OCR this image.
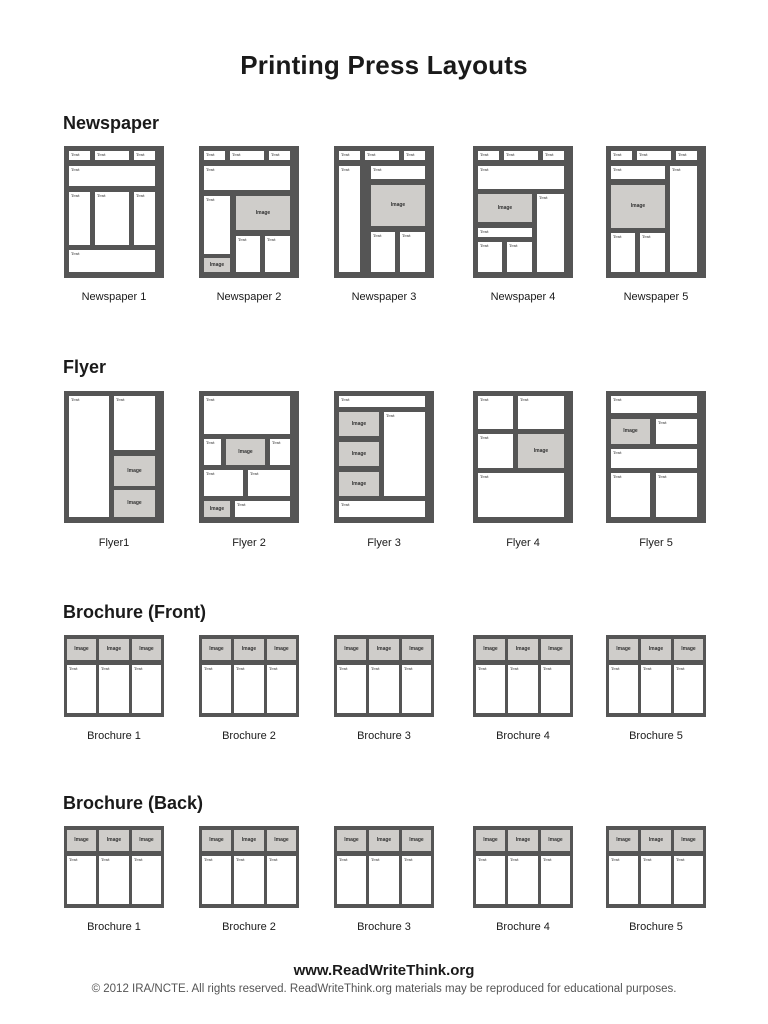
Printing Press Layouts
Newspaper
Flyer
Brochure (Front)
Brochure (Back)
Text	Text	Text
Text
Text	Text	Text
Text
Newspaper 1
Text	Text	Text
Text
Text
Image
Image
Text	Text
Newspaper 2
Text	Text	Text
Text	Text
Image
Text	Text
Newspaper 3
Text	Text	Text
Text
Image
Text
Text
Text	Text
Newspaper 4
Text	Text	Text
Text	Text
Image
Text	Text
Newspaper 5
Text	Text
Image
Image
Flyer1
Text
Text
Image
Text
Text	Text
Image
Text
Flyer 2
Text
Image
Image
Image
Text
Text
Flyer 3
Text	Text
Text
Image
Text
Flyer 4
Text
Image
Text
Text
Text	Text
Flyer 5
Image	Image	Image
Text	Text	Text
Brochure 1
Image	Image	Image
Text	Text	Text
Brochure 2
Image	Image	Image
Text	Text	Text
Brochure 3
Image	Image	Image
Text	Text	Text
Brochure 4
Image	Image	Image
Text	Text	Text
Brochure 5
Image	Image	Image
Text	Text	Text
Brochure 1
Image	Image	Image
Text	Text	Text
Brochure 2
Image	Image	Image
Text	Text	Text
Brochure 3
Image	Image	Image
Text	Text	Text
Brochure 4
Image	Image	Image
Text	Text	Text
Brochure 5
www.ReadWriteThink.org
© 2012 IRA/NCTE. All rights reserved. ReadWriteThink.org materials may be reproduced for educational purposes.
